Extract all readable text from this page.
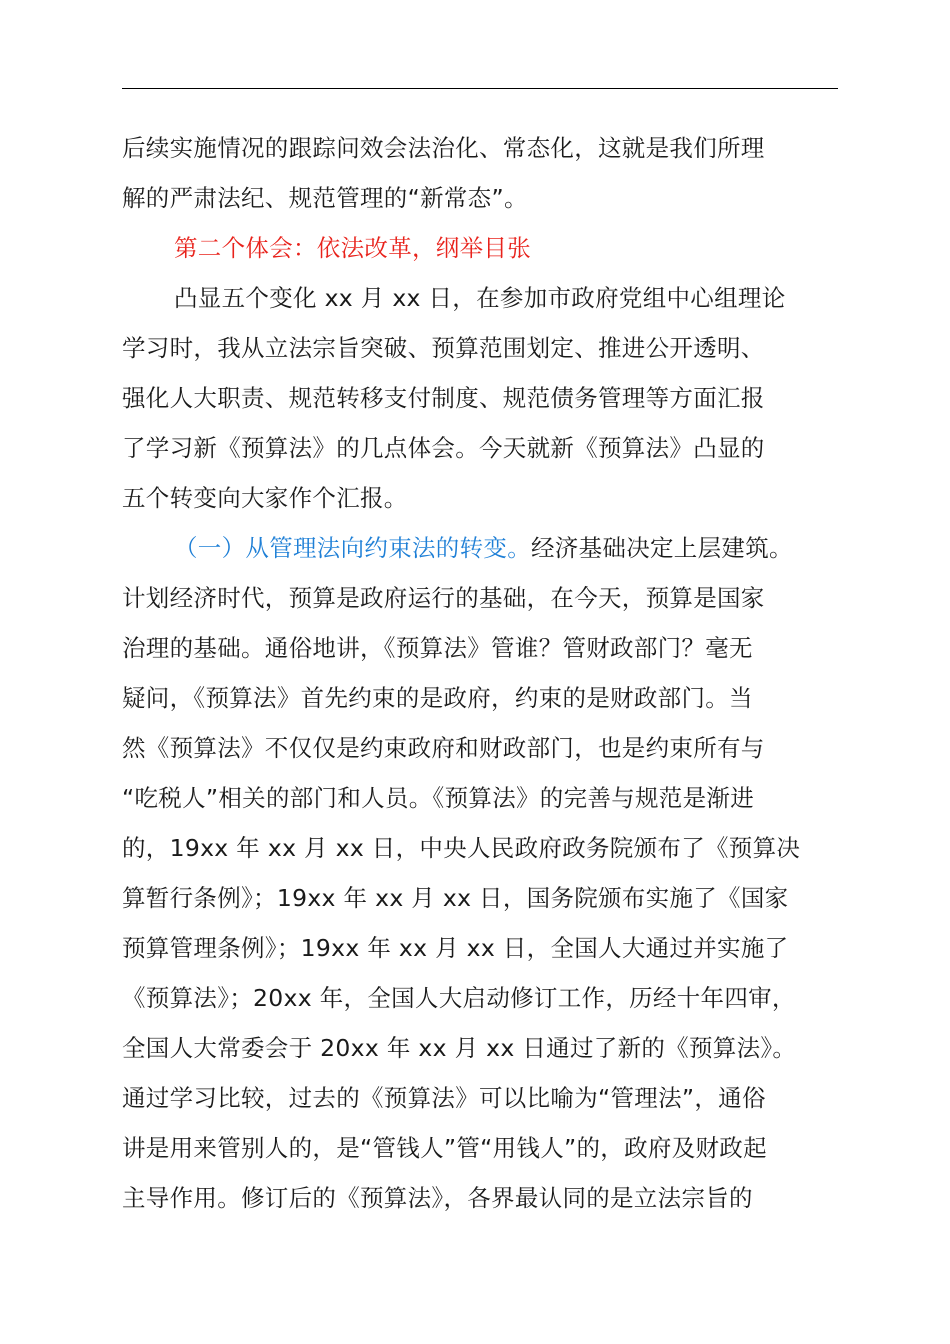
后续实施情况的跟踪问效会法治化、常态化，这就是我们所理
解的严肃法纪、规范管理的“新常态”。
第二个体会：依法改革，纲举目张
凸显五个变化 xx 月 xx 日，在参加市政府党组中心组理论
学习时，我从立法宗旨突破、预算范围划定、推进公开透明、
强化人大职责、规范转移支付制度、规范债务管理等方面汇报
了学习新《预算法》的几点体会。今天就新《预算法》凸显的
五个转变向大家作个汇报。
（一）从管理法向约束法的转变。经济基础决定上层建筑。
计划经济时代，预算是政府运行的基础，在今天，预算是国家
治理的基础。通俗地讲，《预算法》管谁？管财政部门？毫无
疑问，《预算法》首先约束的是政府，约束的是财政部门。当
然《预算法》不仅仅是约束政府和财政部门，也是约束所有与
“吃税人”相关的部门和人员。《预算法》的完善与规范是渐进
的，19xx 年 xx 月 xx 日，中央人民政府政务院颁布了《预算决
算暂行条例》；19xx 年 xx 月 xx 日，国务院颁布实施了《国家
预算管理条例》；19xx 年 xx 月 xx 日，全国人大通过并实施了
《预算法》；20xx 年，全国人大启动修订工作，历经十年四审，
全国人大常委会于 20xx 年 xx 月 xx 日通过了新的《预算法》。
通过学习比较，过去的《预算法》可以比喻为“管理法”，通俗
讲是用来管别人的，是“管钱人”管“用钱人”的，政府及财政起
主导作用。修订后的《预算法》，各界最认同的是立法宗旨的
